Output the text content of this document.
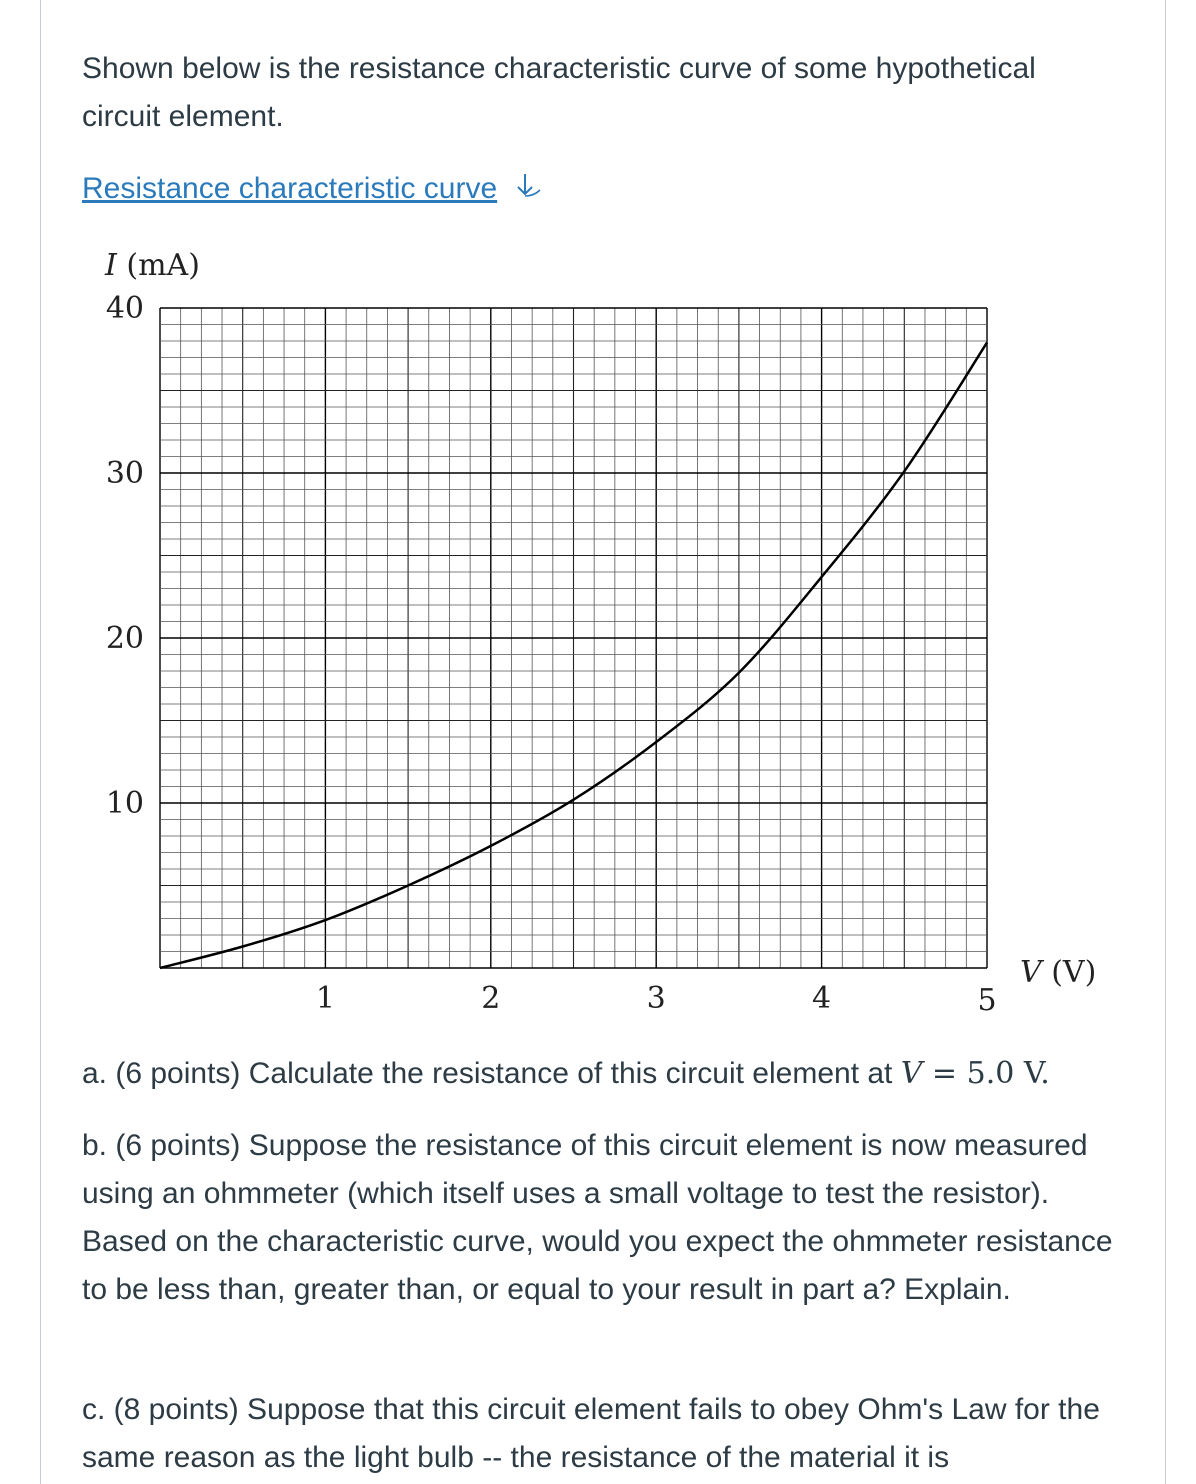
Shown below is the resistance characteristic curve of some hypothetical circuit element.

Resistance characteristic curve
10
20
30
40
1	2	3	4	5
I (mA)
V (V)

a. (6 points) Calculate the resistance of this circuit element at V = 5.0 V.

b. (6 points) Suppose the resistance of this circuit element is now measured using an ohmmeter (which itself uses a small voltage to test the resistor). Based on the characteristic curve, would you expect the ohmmeter resistance to be less than, greater than, or equal to your result in part a? Explain.

c. (8 points) Suppose that this circuit element fails to obey Ohm's Law for the same reason as the light bulb -- the resistance of the material it is
